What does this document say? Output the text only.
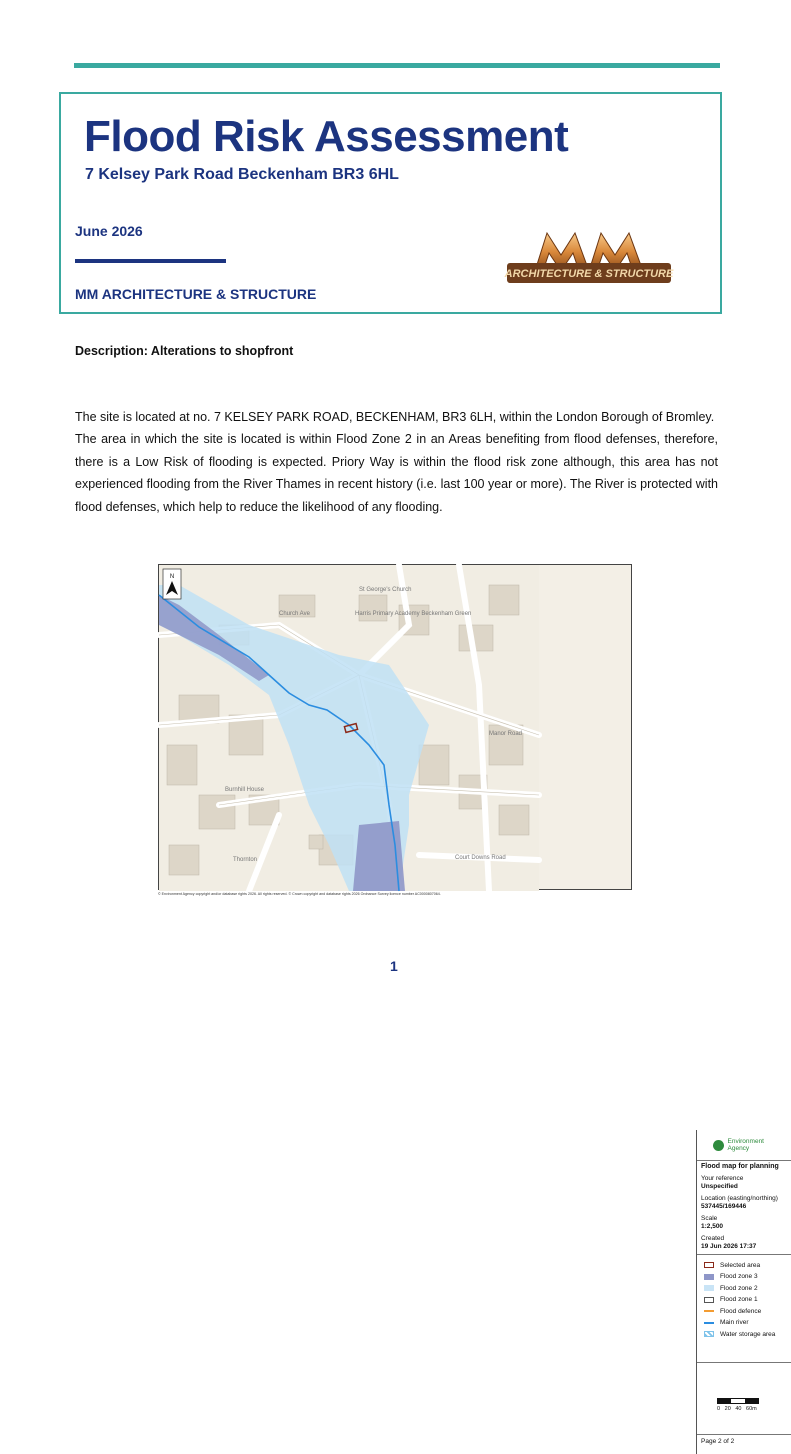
Flood Risk Assessment
7 Kelsey Park Road Beckenham BR3 6HL
June 2026
MM ARCHITECTURE & STRUCTURE
ARCHITECTURE & STRUCTURE
Description: Alterations to shopfront

The site is located at no. 7 KELSEY PARK ROAD, BECKENHAM, BR3 6LH, within the London Borough of Bromley.

The area in which the site is located is within Flood Zone 2 in an Areas benefiting from flood defenses, therefore, there is a Low Risk of flooding is expected. Priory Way is within the flood risk zone although, this area has not experienced flooding from the River Thames in recent history (i.e. last 100 year or more). The River is protected with flood defenses, which help to reduce the likelihood of any flooding.

N
St George's Church
Harris Primary Academy Beckenham Green
Church Ave
Manor Road
Burnhill House
Court Downs Road
Thornton
Environment Agency
Flood map for planning
Your reference
Unspecified
Location (easting/northing)
537445/169446
Scale
1:2,500
Created
19 Jun 2026 17:37
Selected area
Flood zone 3
Flood zone 2
Flood zone 1
Flood defence
Main river
Water storage area
0   20   40   60m
Page 2 of 2
© Environment Agency copyright and/or database rights 2026. All rights reserved. © Crown copyright and database rights 2026 Ordnance Survey licence number AC0000807064.
1
